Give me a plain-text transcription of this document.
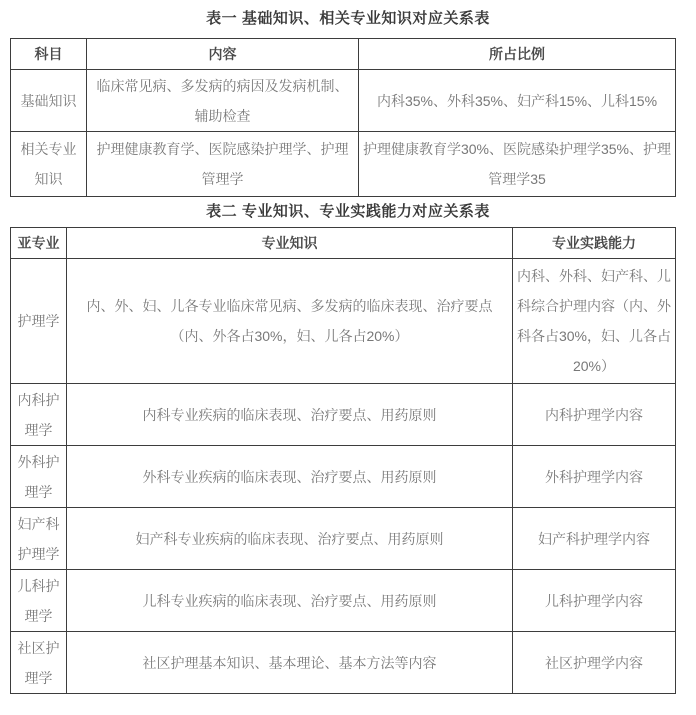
表一 基础知识、相关专业知识对应关系表
科目	内容	所占比例
基础知识	临床常见病、多发病的病因及发病机制、辅助检查	内科35%、外科35%、妇产科15%、儿科15%
相关专业知识	护理健康教育学、医院感染护理学、护理管理学	护理健康教育学30%、医院感染护理学35%、护理管理学35
表二 专业知识、专业实践能力对应关系表
亚专业	专业知识	专业实践能力
护理学	内、外、妇、儿各专业临床常见病、多发病的临床表现、治疗要点（内、外各占30%，妇、儿各占20%）	内科、外科、妇产科、儿科综合护理内容（内、外科各占30%，妇、儿各占20%）
内科护理学	内科专业疾病的临床表现、治疗要点、用药原则	内科护理学内容
外科护理学	外科专业疾病的临床表现、治疗要点、用药原则	外科护理学内容
妇产科护理学	妇产科专业疾病的临床表现、治疗要点、用药原则	妇产科护理学内容
儿科护理学	儿科专业疾病的临床表现、治疗要点、用药原则	儿科护理学内容
社区护理学	社区护理基本知识、基本理论、基本方法等内容	社区护理学内容
